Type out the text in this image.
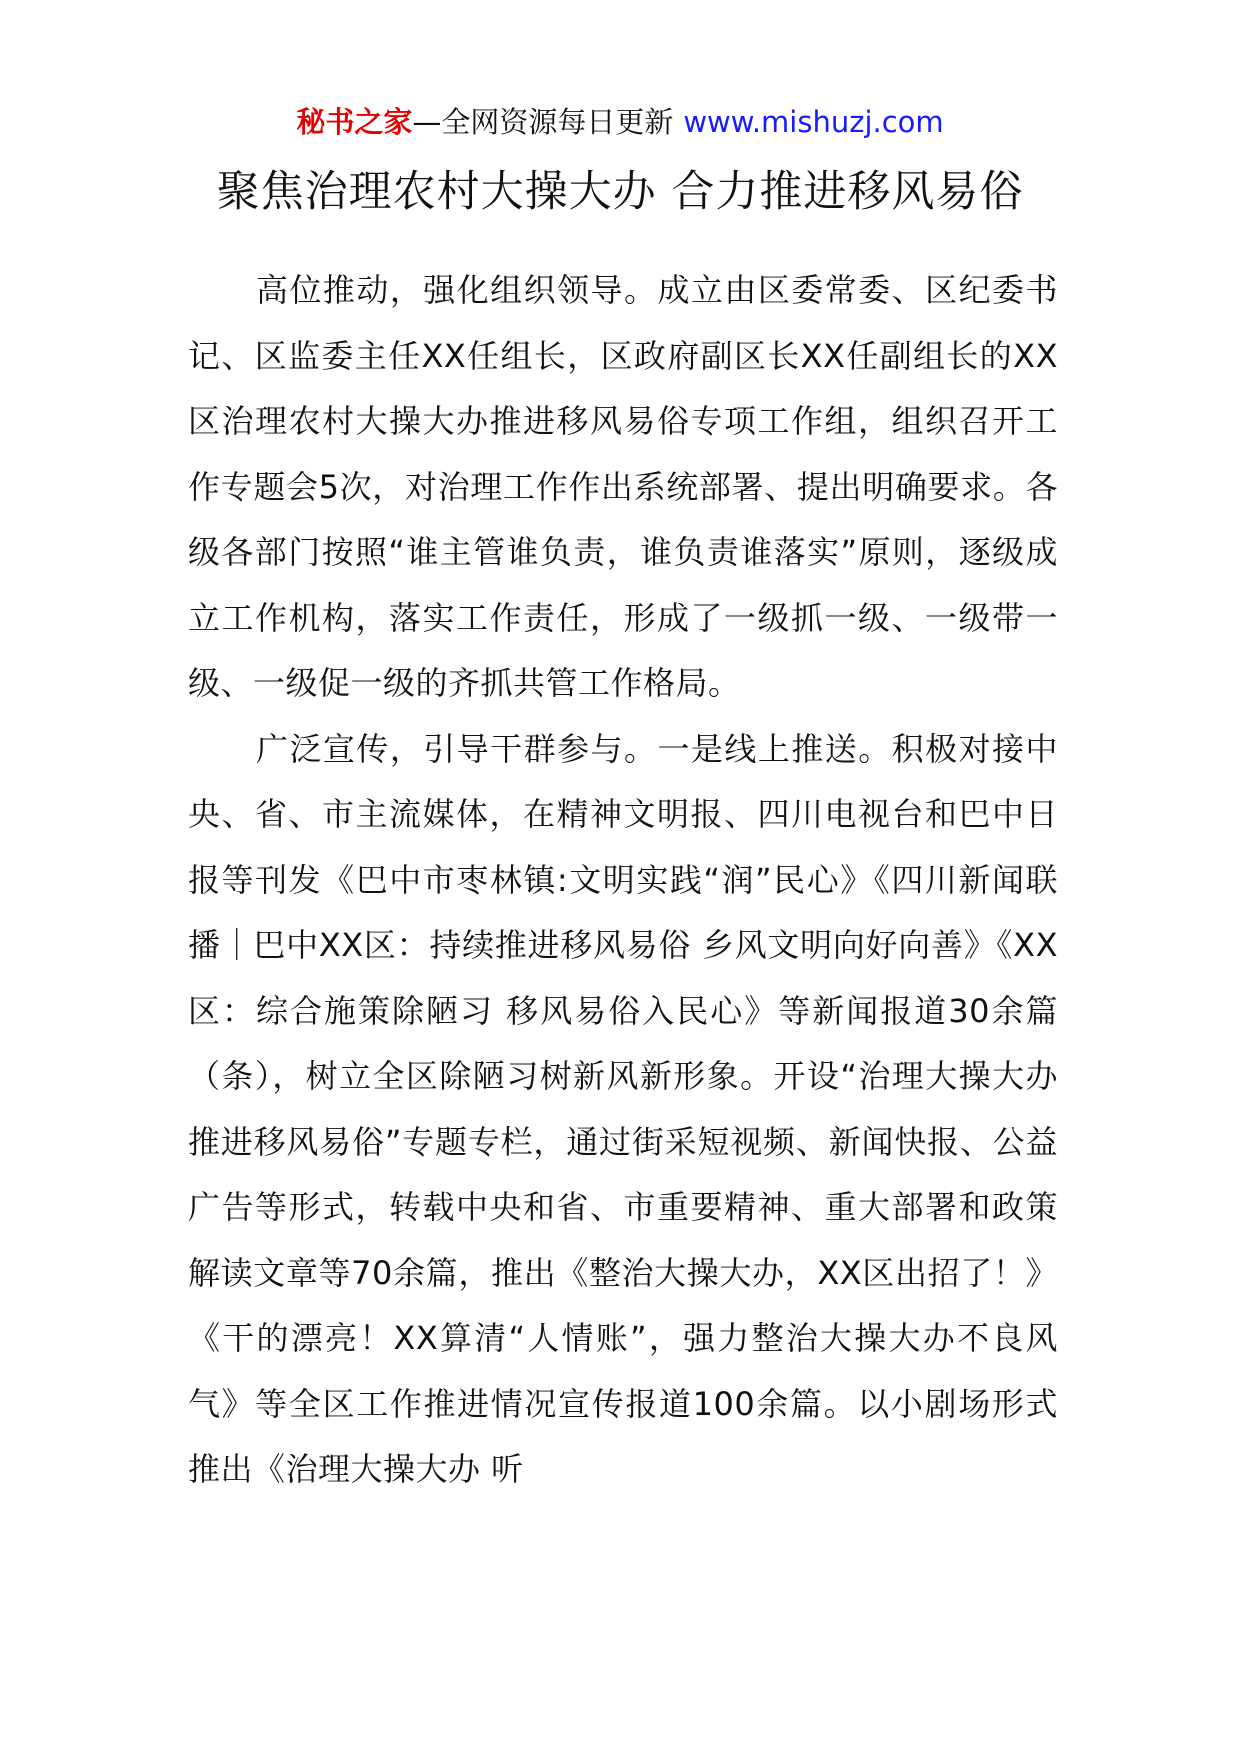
秘书之家—全网资源每日更新 www.mishuzj.com
聚焦治理农村大操大办 合力推进移风易俗

高位推动，强化组织领导。成立由区委常委、区纪委书记、区监委主任XX任组长，区政府副区长XX任副组长的XX区治理农村大操大办推进移风易俗专项工作组，组织召开工作专题会5次，对治理工作作出系统部署、提出明确要求。各级各部门按照“谁主管谁负责，谁负责谁落实”原则，逐级成立工作机构，落实工作责任，形成了一级抓一级、一级带一级、一级促一级的齐抓共管工作格局。

广泛宣传，引导干群参与。一是线上推送。积极对接中央、省、市主流媒体，在精神文明报、四川电视台和巴中日报等刊发《巴中市枣林镇:文明实践“润”民心》《四川新闻联播｜巴中XX区：持续推进移风易俗 乡风文明向好向善》《XX区：综合施策除陋习 移风易俗入民心》等新闻报道30余篇（条），树立全区除陋习树新风新形象。开设“治理大操大办 推进移风易俗”专题专栏，通过街采短视频、新闻快报、公益广告等形式，转载中央和省、市重要精神、重大部署和政策解读文章等70余篇，推出《整治大操大办，XX区出招了！》《干的漂亮！XX算清“人情账”，强力整治大操大办不良风气》等全区工作推进情况宣传报道100余篇。以小剧场形式推出《治理大操大办 听
